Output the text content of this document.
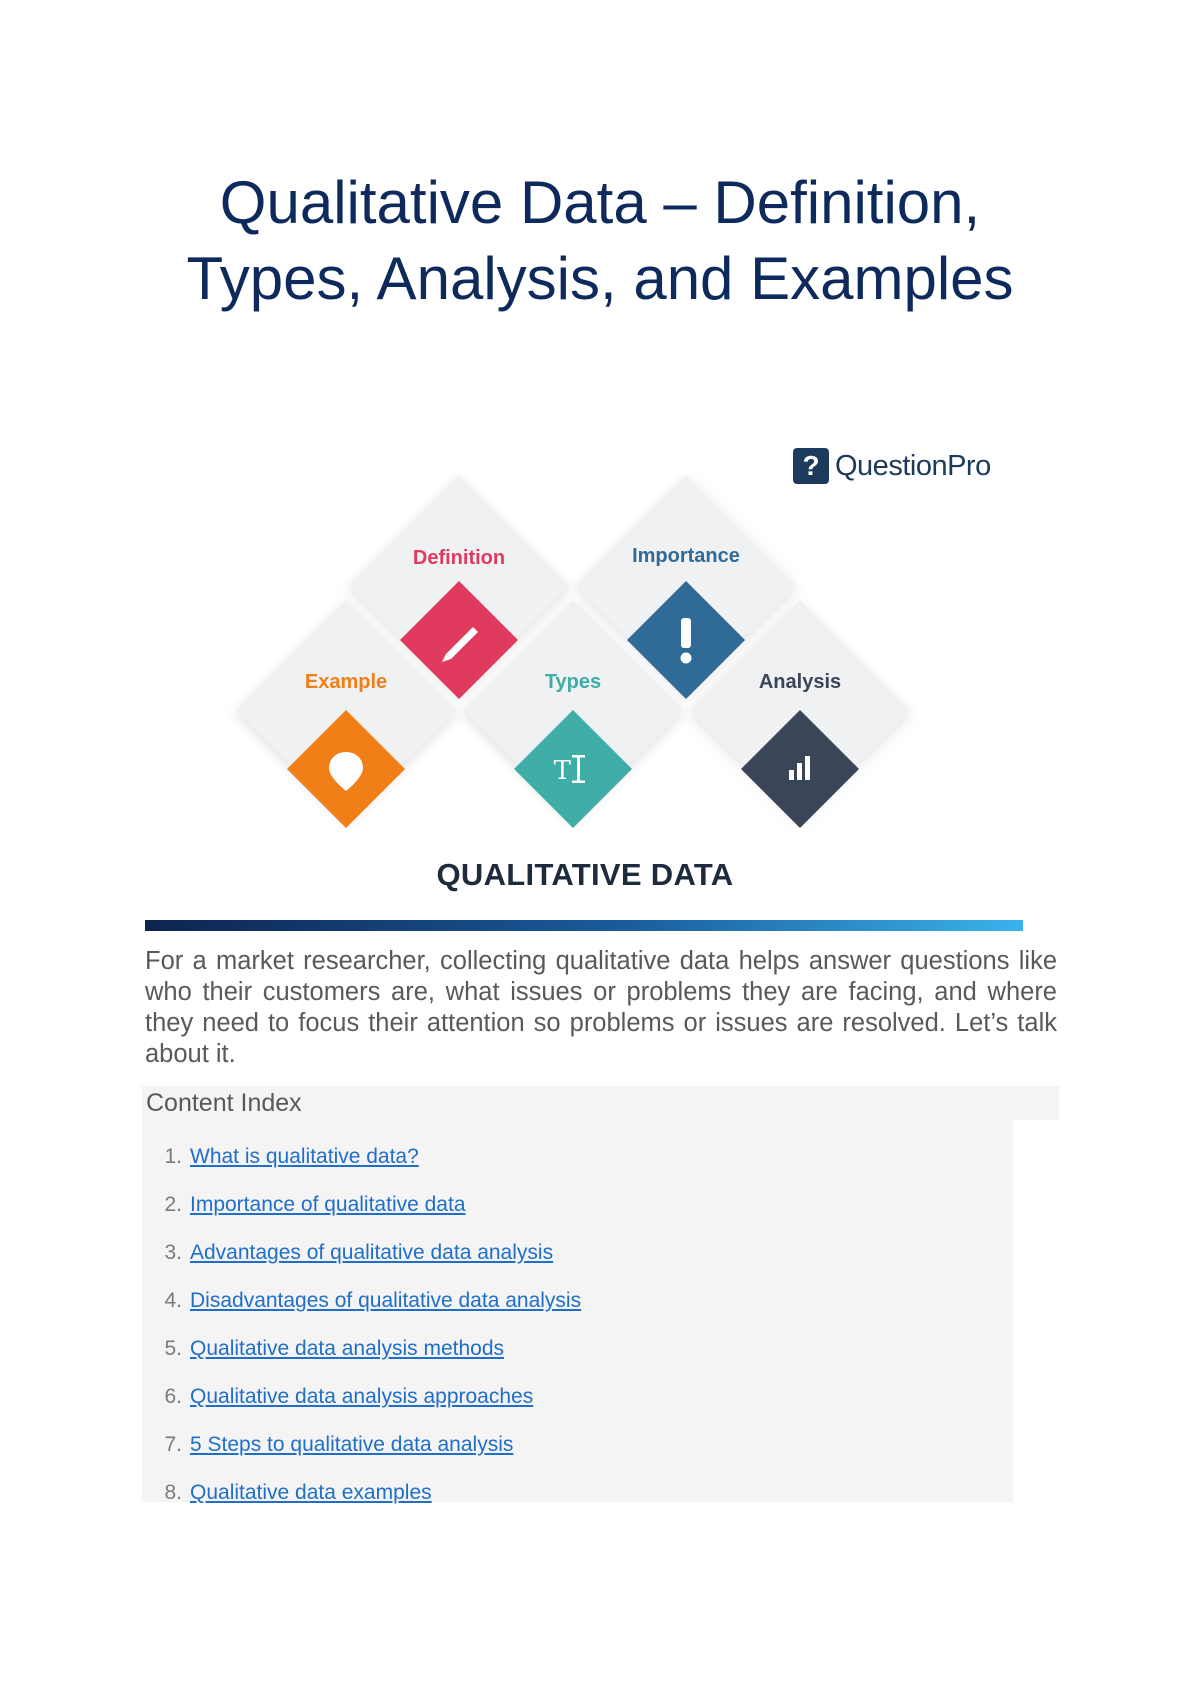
Qualitative Data – Definition, Types, Analysis, and Examples
T
Definition	Importance
Example	Types	Analysis
? QuestionPro
QUALITATIVE DATA

For a market researcher, collecting qualitative data helps answer questions like who their customers are, what issues or problems they are facing, and where they need to focus their attention so problems or issues are resolved. Let’s talk about it.

Content Index
1. What is qualitative data?
2. Importance of qualitative data
3. Advantages of qualitative data analysis
4. Disadvantages of qualitative data analysis
5. Qualitative data analysis methods
6. Qualitative data analysis approaches
7. 5 Steps to qualitative data analysis
8. Qualitative data examples
